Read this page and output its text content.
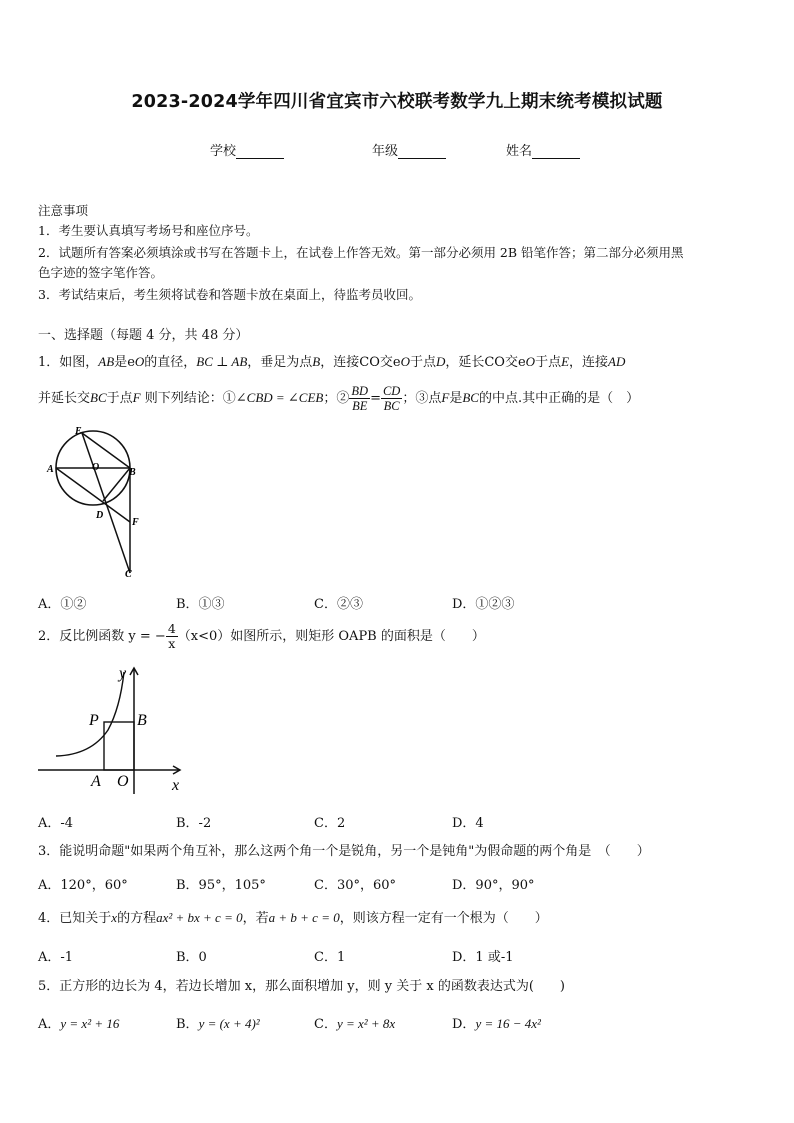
2023-2024学年四川省宜宾市六校联考数学九上期末统考模拟试题
学校	年级	姓名
注意事项
1．考生要认真填写考场号和座位序号。
2．试题所有答案必须填涂或书写在答题卡上，在试卷上作答无效。第一部分必须用 2B 铅笔作答；第二部分必须用黑
色字迹的签字笔作答。
3．考试结束后，考生须将试卷和答题卡放在桌面上，待监考员收回。
一、选择题（每题 4 分，共 48 分）
1．如图，AB是eO的直径，BC ⊥ AB，垂足为点B，连接CO交eO于点D，延长CO交eO于点E，连接AD
并延长交BC于点F 则下列结论：①∠CBD = ∠CEB；② $\frac{BD}{BE} = \frac{CD}{BC}$ ；③点F是BC的中点.其中正确的是（　）
E
A	O	B
D
F
C
A．①②	B．①③	C．②③	D．①②③
2．反比例函数 y = − $\frac{4}{x} (x<0)$如图所示，则矩形 OAPB 的面积是（　　）
y
P B
A O	x
A．-4	B．-2	C．2	D．4
3．能说明命题"如果两个角互补，那么这两个角一个是锐角，另一个是钝角"为假命题的两个角是　（　　）
A．120°，60°	B．95°，105°	C．30°，60°	D．90°，90°
4．已知关于x的方程ax² + bx + c = 0，若a + b + c = 0，则该方程一定有一个根为（　　）
A．-1	B．0	C．1	D．1 或-1
5．正方形的边长为 4，若边长增加 x，那么面积增加 y，则 y 关于 x 的函数表达式为(　　)
A．y = x² + 16	B．y = (x + 4)²	C．y = x² + 8x	D．y = 16 − 4x²
